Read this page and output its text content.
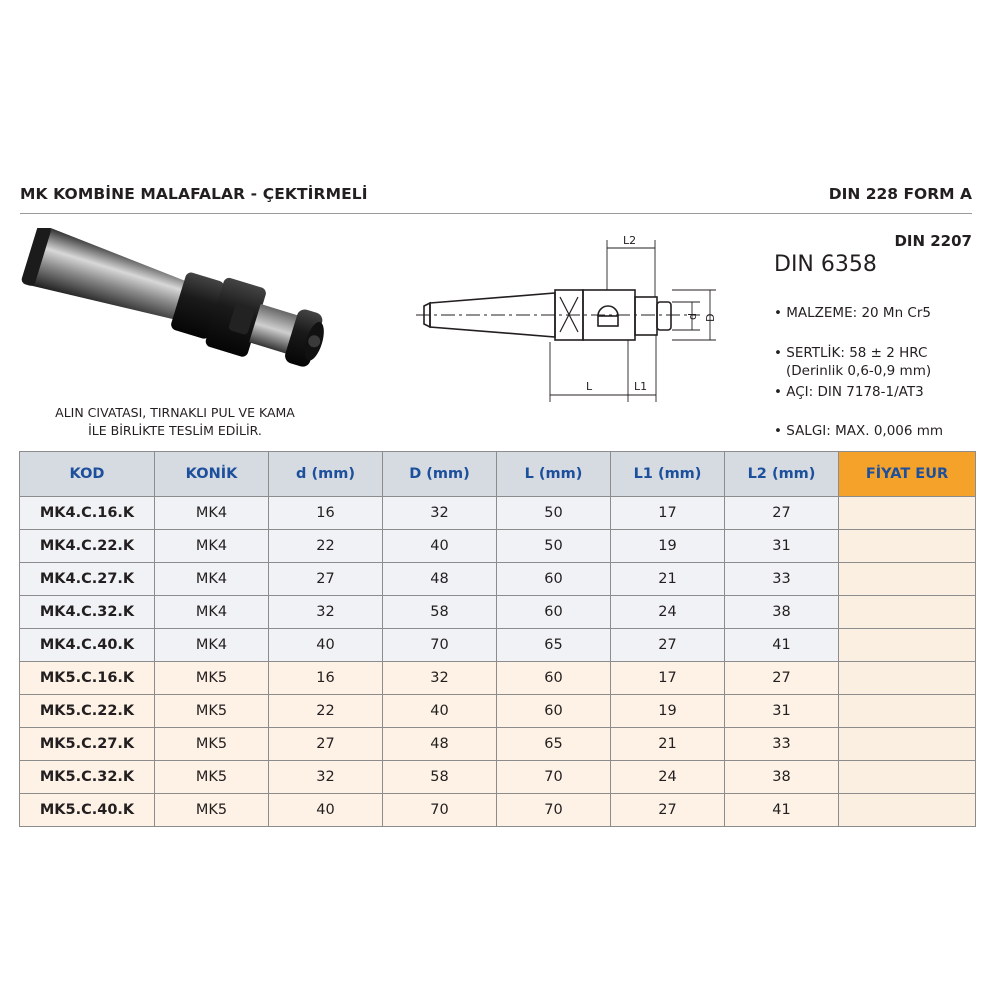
MK KOMBİNE MALAFALAR - ÇEKTİRMELİ	DIN 228 FORM A
ALIN CIVATASI, TIRNAKLI PUL VE KAMA
İLE BİRLİKTE TESLİM EDİLİR.
L2
L	L1
d D
DIN 2207
DIN 6358
• MALZEME: 20 Mn Cr5
• SERTLİK: 58 ± 2 HRC
(Derinlik 0,6-0,9 mm)
• AÇI: DIN 7178-1/AT3
• SALGI: MAX. 0,006 mm
KOD	KONİK	d (mm)	D (mm)	L (mm)	L1 (mm)	L2 (mm)	FİYAT EUR
MK4.C.16.K	MK4	16	32	50	17	27	
MK4.C.22.K	MK4	22	40	50	19	31	
MK4.C.27.K	MK4	27	48	60	21	33	
MK4.C.32.K	MK4	32	58	60	24	38	
MK4.C.40.K	MK4	40	70	65	27	41	
MK5.C.16.K	MK5	16	32	60	17	27	
MK5.C.22.K	MK5	22	40	60	19	31	
MK5.C.27.K	MK5	27	48	65	21	33	
MK5.C.32.K	MK5	32	58	70	24	38	
MK5.C.40.K	MK5	40	70	70	27	41	
